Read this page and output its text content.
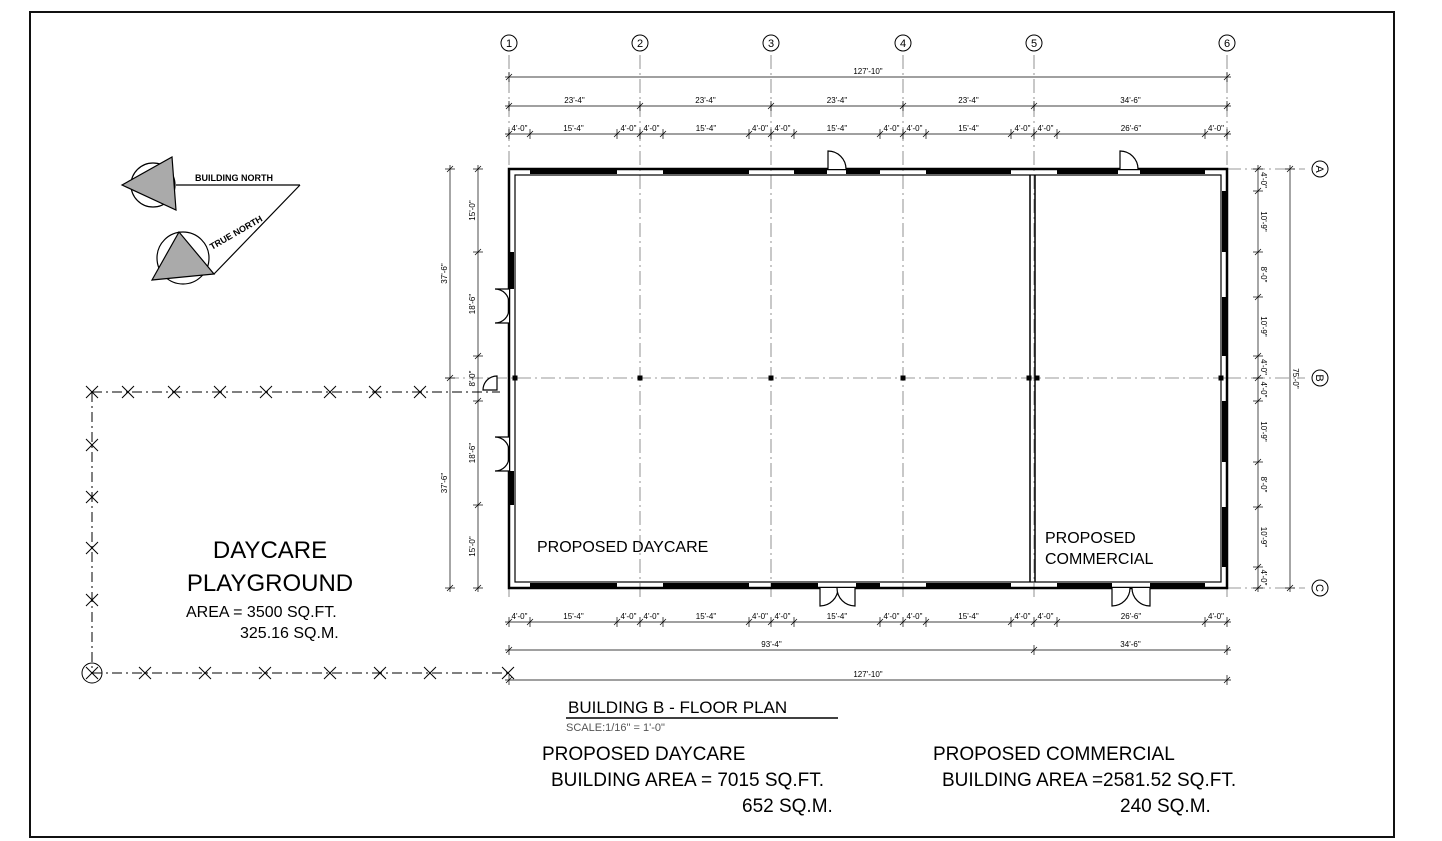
127'-10"
23'-4"	23'-4"	23'-4"	23'-4"	34'-6"
4'-0"	15'-4"	4'-0" 4'-0"	15'-4"	4'-0" 4'-0"	15'-4"	4'-0" 4'-0"	15'-4"	4'-0" 4'-0"	26'-6"	4'-0"
4'-0"	15'-4"	4'-0" 4'-0"	15'-4"	4'-0" 4'-0"	15'-4"	4'-0" 4'-0"	15'-4"	4'-0" 4'-0"	26'-6"	4'-0"
93'-4"	34'-6"
127'-10"
37'-6"
37'-6"
15'-0"
18'-6"
8'-0"
18'-6"
15'-0"
75'-0"
4'-0"
10'-9"
8'-0"
10'-9"
4'-0"
4'-0"
10'-9"
8'-0"
10'-9"
4'-0"
1	2	3	4	5	6
A
B
C
BUILDING NORTH
TRUE NORTH
PROPOSED DAYCARE
PROPOSED
COMMERCIAL
DAYCARE
PLAYGROUND
AREA = 3500 SQ.FT.
325.16 SQ.M.
BUILDING B - FLOOR PLAN
SCALE:1/16" = 1'-0"
PROPOSED DAYCARE
BUILDING AREA = 7015 SQ.FT.
652 SQ.M.
PROPOSED COMMERCIAL
BUILDING AREA =2581.52 SQ.FT.
240 SQ.M.
